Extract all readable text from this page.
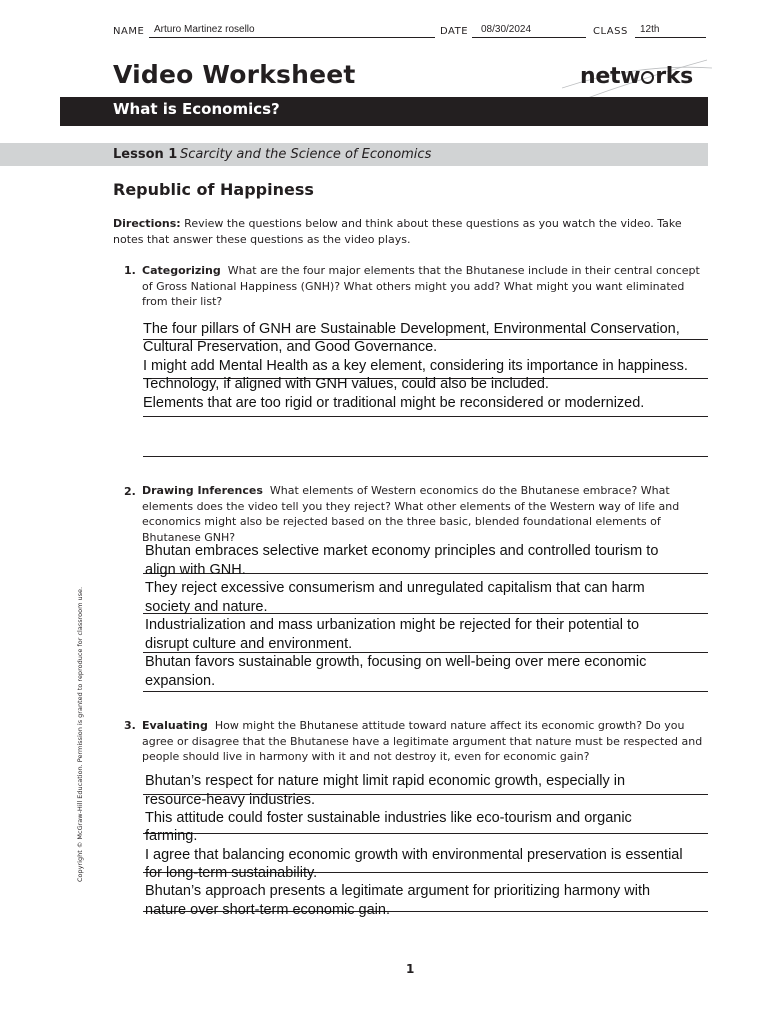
NAME Arturo Martinez rosello	DATE 08/30/2024	CLASS 12th
Video Worksheet	netw rks
What is Economics?
Lesson 1 Scarcity and the Science of Economics
Republic of Happiness
Directions: Review the questions below and think about these questions as you watch the video. Take notes that answer these questions as the video plays.
1. Categorizing What are the four major elements that the Bhutanese include in their central concept of Gross National Happiness (GNH)? What others might you add? What might you want eliminated from their list?
The four pillars of GNH are Sustainable Development, Environmental Conservation,
Cultural Preservation, and Good Governance.
I might add Mental Health as a key element, considering its importance in happiness.
Technology, if aligned with GNH values, could also be included.
Elements that are too rigid or traditional might be reconsidered or modernized.
2. Drawing Inferences What elements of Western economics do the Bhutanese embrace? What elements does the video tell you they reject? What other elements of the Western way of life and economics might also be rejected based on the three basic, blended foundational elements of Bhutanese GNH?
Bhutan embraces selective market economy principles and controlled tourism to
align with GNH.
They reject excessive consumerism and unregulated capitalism that can harm
society and nature.
Industrialization and mass urbanization might be rejected for their potential to
disrupt culture and environment.
Bhutan favors sustainable growth, focusing on well-being over mere economic
expansion.
3. Evaluating How might the Bhutanese attitude toward nature affect its economic growth? Do you agree or disagree that the Bhutanese have a legitimate argument that nature must be respected and people should live in harmony with it and not destroy it, even for economic gain?
Bhutan’s respect for nature might limit rapid economic growth, especially in
resource-heavy industries.
This attitude could foster sustainable industries like eco-tourism and organic
farming.
I agree that balancing economic growth with environmental preservation is essential
for long-term sustainability.
Bhutan’s approach presents a legitimate argument for prioritizing harmony with
nature over short-term economic gain.
Copyright © McGraw-Hill Education. Permission is granted to reproduce for classroom use.
1
